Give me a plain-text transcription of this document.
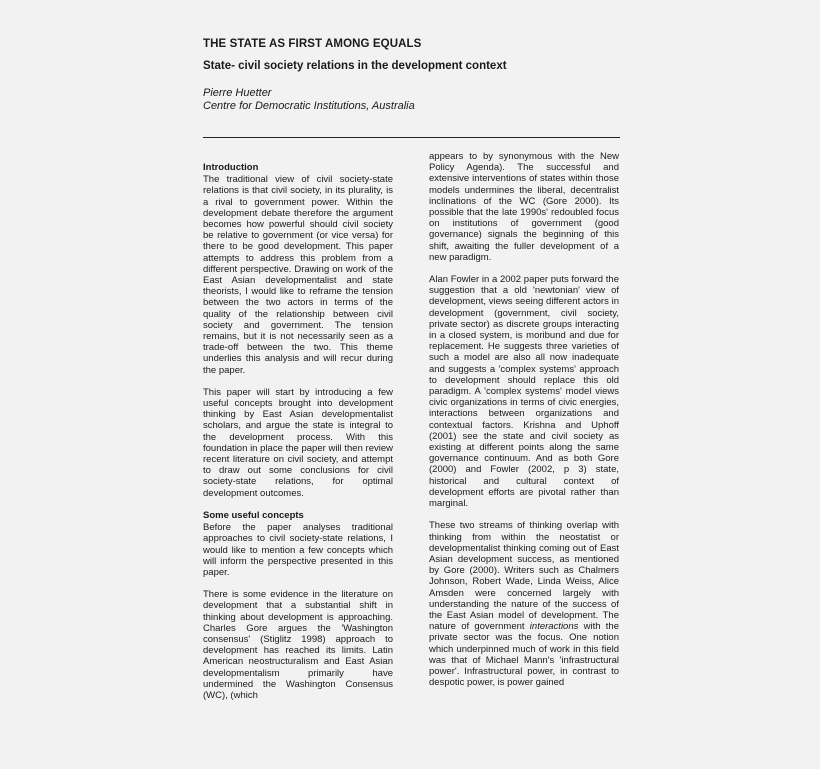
THE STATE AS FIRST AMONG EQUALS
State- civil society relations in the development context
Pierre Huetter
Centre for Democratic Institutions, Australia
Introduction

The traditional view of civil society-state relations is that civil society, in its plurality, is a rival to government power. Within the development debate therefore the argument becomes how powerful should civil society be relative to government (or vice versa) for there to be good development. This paper attempts to address this problem from a different perspective. Drawing on work of the East Asian developmentalist and state theorists, I would like to reframe the tension between the two actors in terms of the quality of the relationship between civil society and government. The tension remains, but it is not necessarily seen as a trade-off between the two. This theme underlies this analysis and will recur during the paper.

This paper will start by introducing a few useful concepts brought into development thinking by East Asian developmentalist scholars, and argue the state is integral to the development process. With this foundation in place the paper will then review recent literature on civil society, and attempt to draw out some conclusions for civil society-state relations, for optimal development outcomes.

Some useful concepts

Before the paper analyses traditional approaches to civil society-state relations, I would like to mention a few concepts which will inform the perspective presented in this paper.

There is some evidence in the literature on development that a substantial shift in thinking about development is approaching. Charles Gore argues the 'Washington consensus' (Stiglitz 1998) approach to development has reached its limits. Latin American neostructuralism and East Asian developmentalism primarily have undermined the Washington Consensus (WC), (which

appears to by synonymous with the New Policy Agenda). The successful and extensive interventions of states within those models undermines the liberal, decentralist inclinations of the WC (Gore 2000). Its possible that the late 1990s' redoubled focus on institutions of government (good governance) signals the beginning of this shift, awaiting the fuller development of a new paradigm.

Alan Fowler in a 2002 paper puts forward the suggestion that a old 'newtonian' view of development, views seeing different actors in development (government, civil society, private sector) as discrete groups interacting in a closed system, is moribund and due for replacement. He suggests three varieties of such a model are also all now inadequate and suggests a 'complex systems' approach to development should replace this old paradigm. A 'complex systems' model views civic organizations in terms of civic energies, interactions between organizations and contextual factors. Krishna and Uphoff (2001) see the state and civil society as existing at different points along the same governance continuum. And as both Gore (2000) and Fowler (2002, p 3) state, historical and cultural context of development efforts are pivotal rather than marginal.

These two streams of thinking overlap with thinking from within the neostatist or developmentalist thinking coming out of East Asian development success, as mentioned by Gore (2000). Writers such as Chalmers Johnson, Robert Wade, Linda Weiss, Alice Amsden were concerned largely with understanding the nature of the success of the East Asian model of development. The nature of government interactions with the private sector was the focus. One notion which underpinned much of work in this field was that of Michael Mann's 'infrastructural power'. Infrastructural power, in contrast to despotic power, is power gained
